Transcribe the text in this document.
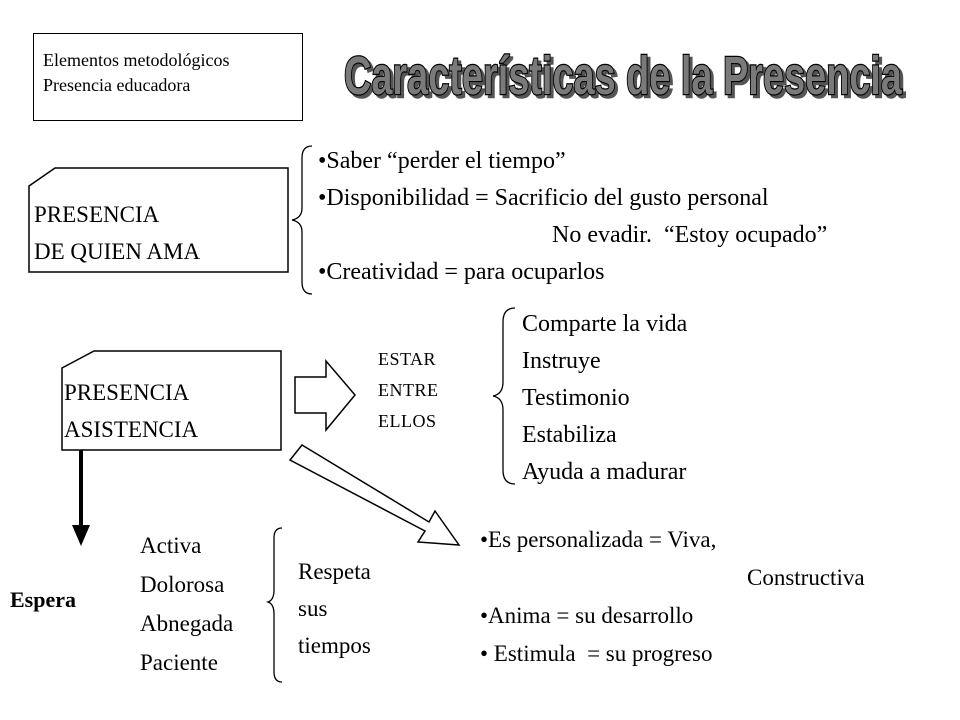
Elementos metodológicos
Presencia educadora	Características de la Presencia
PRESENCIA
DE QUIEN AMA
•Saber “perder el tiempo”
•Disponibilidad = Sacrificio del gusto personal
No evadir.  “Estoy ocupado”
•Creatividad = para ocuparlos
PRESENCIA
ASISTENCIA
ESTAR
ENTRE
ELLOS
Comparte la vida
Instruye
Testimonio
Estabiliza
Ayuda a madurar
Espera
Activa
Dolorosa
Abnegada
Paciente
Respeta
sus
tiempos
•Es personalizada = Viva,
Constructiva
•Anima = su desarrollo
• Estimula  = su progreso
